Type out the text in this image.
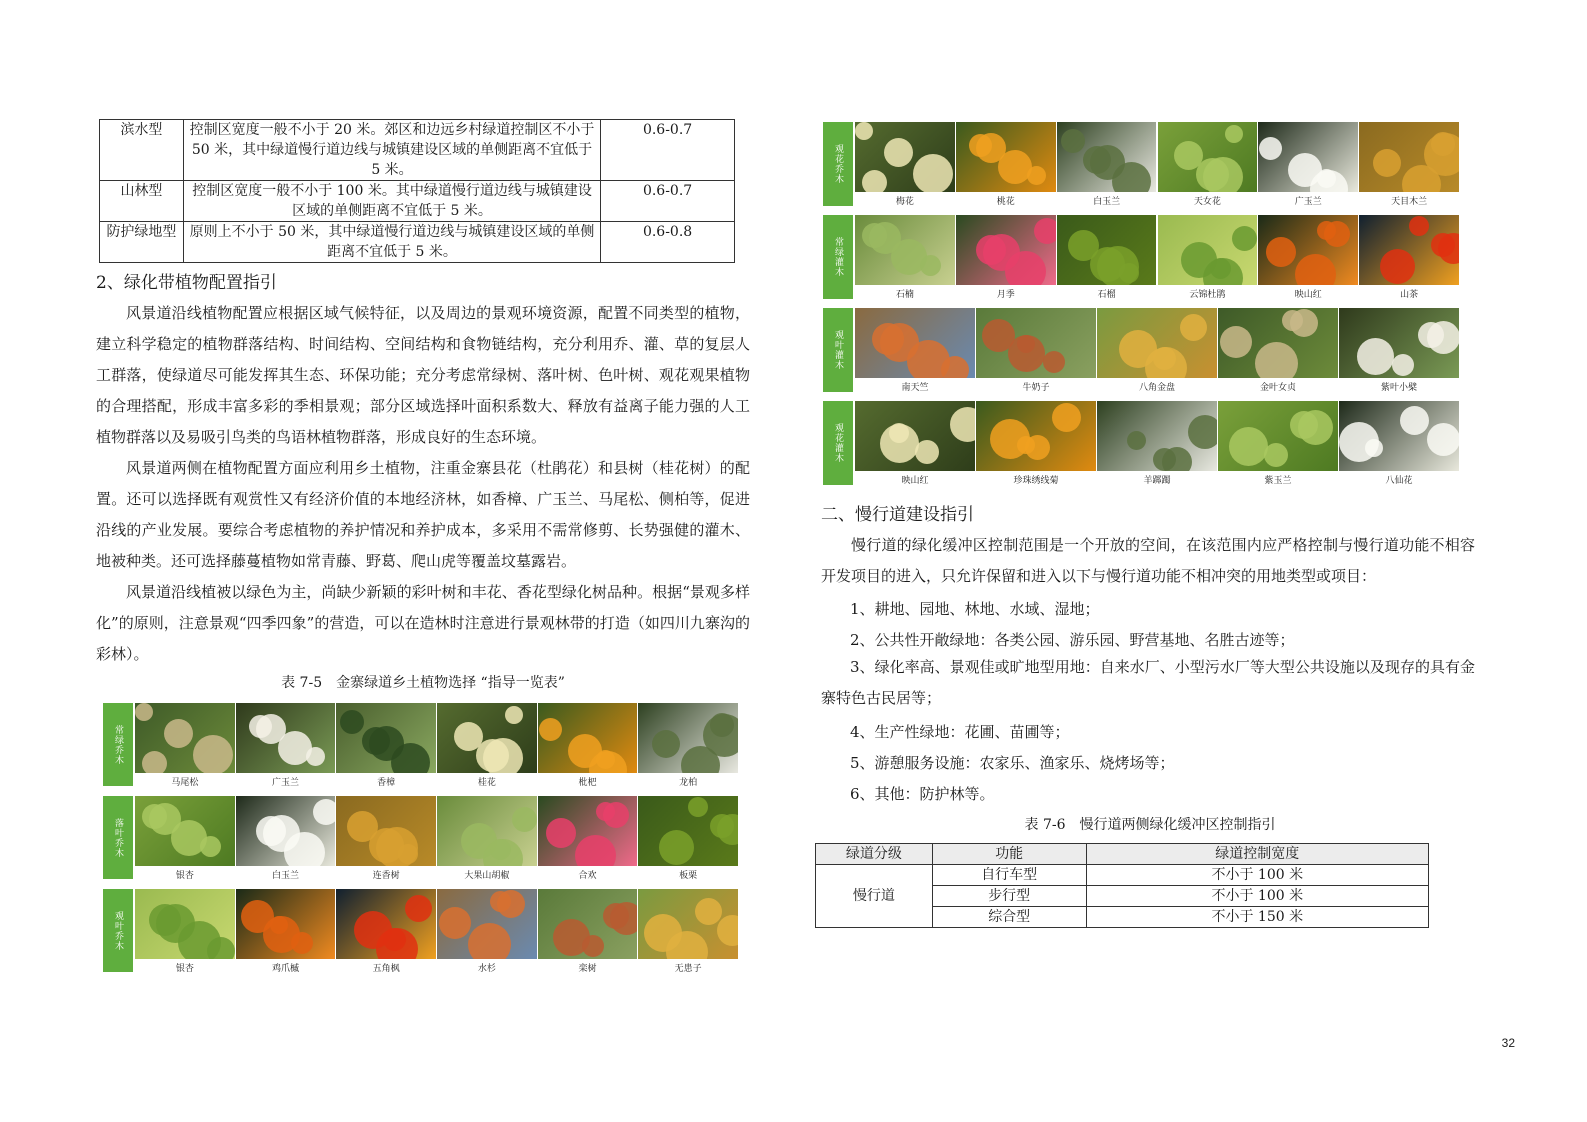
滨水型	控制区宽度一般不小于 20 米。郊区和边远乡村绿道控制区不小于 50 米，其中绿道慢行道边线与城镇建设区域的单侧距离不宜低于 5 米。	0.6-0.7
山林型	控制区宽度一般不小于 100 米。其中绿道慢行道边线与城镇建设区域的单侧距离不宜低于 5 米。	0.6-0.7
防护绿地型	原则上不小于 50 米，其中绿道慢行道边线与城镇建设区域的单侧距离不宜低于 5 米。	0.6-0.8
2、绿化带植物配置指引
风景道沿线植物配置应根据区域气候特征，以及周边的景观环境资源，配置不同类型的植物，建立科学稳定的植物群落结构、时间结构、空间结构和食物链结构，充分利用乔、灌、草的复层人工群落，使绿道尽可能发挥其生态、环保功能；充分考虑常绿树、落叶树、色叶树、观花观果植物的合理搭配，形成丰富多彩的季相景观；部分区域选择叶面积系数大、释放有益离子能力强的人工植物群落以及易吸引鸟类的鸟语林植物群落，形成良好的生态环境。
风景道两侧在植物配置方面应利用乡土植物，注重金寨县花（杜鹃花）和县树（桂花树）的配置。还可以选择既有观赏性又有经济价值的本地经济林，如香樟、广玉兰、马尾松、侧柏等，促进沿线的产业发展。要综合考虑植物的养护情况和养护成本，多采用不需常修剪、长势强健的灌木、地被种类。还可选择藤蔓植物如常青藤、野葛、爬山虎等覆盖坟墓露岩。
风景道沿线植被以绿色为主，尚缺少新颖的彩叶树和丰花、香花型绿化树品种。根据“景观多样化”的原则，注意景观“四季四象”的营造，可以在造林时注意进行景观林带的打造（如四川九寨沟的彩林）。
表 7-5　金寨绿道乡土植物选择 “指导一览表”
常绿乔木
马尾松	广玉兰	香樟	桂花	枇杷	龙柏
落叶乔木
银杏	白玉兰	连香树	大果山胡椒	合欢	板栗
观叶乔木
银杏	鸡爪槭	五角枫	水杉	栾树	无患子
观花乔木
梅花	桃花	白玉兰	天女花	广玉兰	天目木兰
常绿灌木
石楠	月季	石榴	云锦杜鹃	映山红	山茶
观叶灌木
南天竺	牛奶子	八角金盘	金叶女贞	紫叶小檗
观花灌木
映山红	珍珠绣线菊	羊踯躅	紫玉兰	八仙花
二、慢行道建设指引
慢行道的绿化缓冲区控制范围是一个开放的空间，在该范围内应严格控制与慢行道功能不相容开发项目的进入，只允许保留和进入以下与慢行道功能不相冲突的用地类型或项目：
1、耕地、园地、林地、水域、湿地；
2、公共性开敞绿地：各类公园、游乐园、野营基地、名胜古迹等；
3、绿化率高、景观佳或旷地型用地：自来水厂、小型污水厂等大型公共设施以及现存的具有金寨特色古民居等；
4、生产性绿地：花圃、苗圃等；
5、游憩服务设施：农家乐、渔家乐、烧烤场等；
6、其他：防护林等。
表 7-6　慢行道两侧绿化缓冲区控制指引
绿道分级	功能	绿道控制宽度
慢行道	自行车型	不小于 100 米
	步行型	不小于 100 米
	综合型	不小于 150 米
32
